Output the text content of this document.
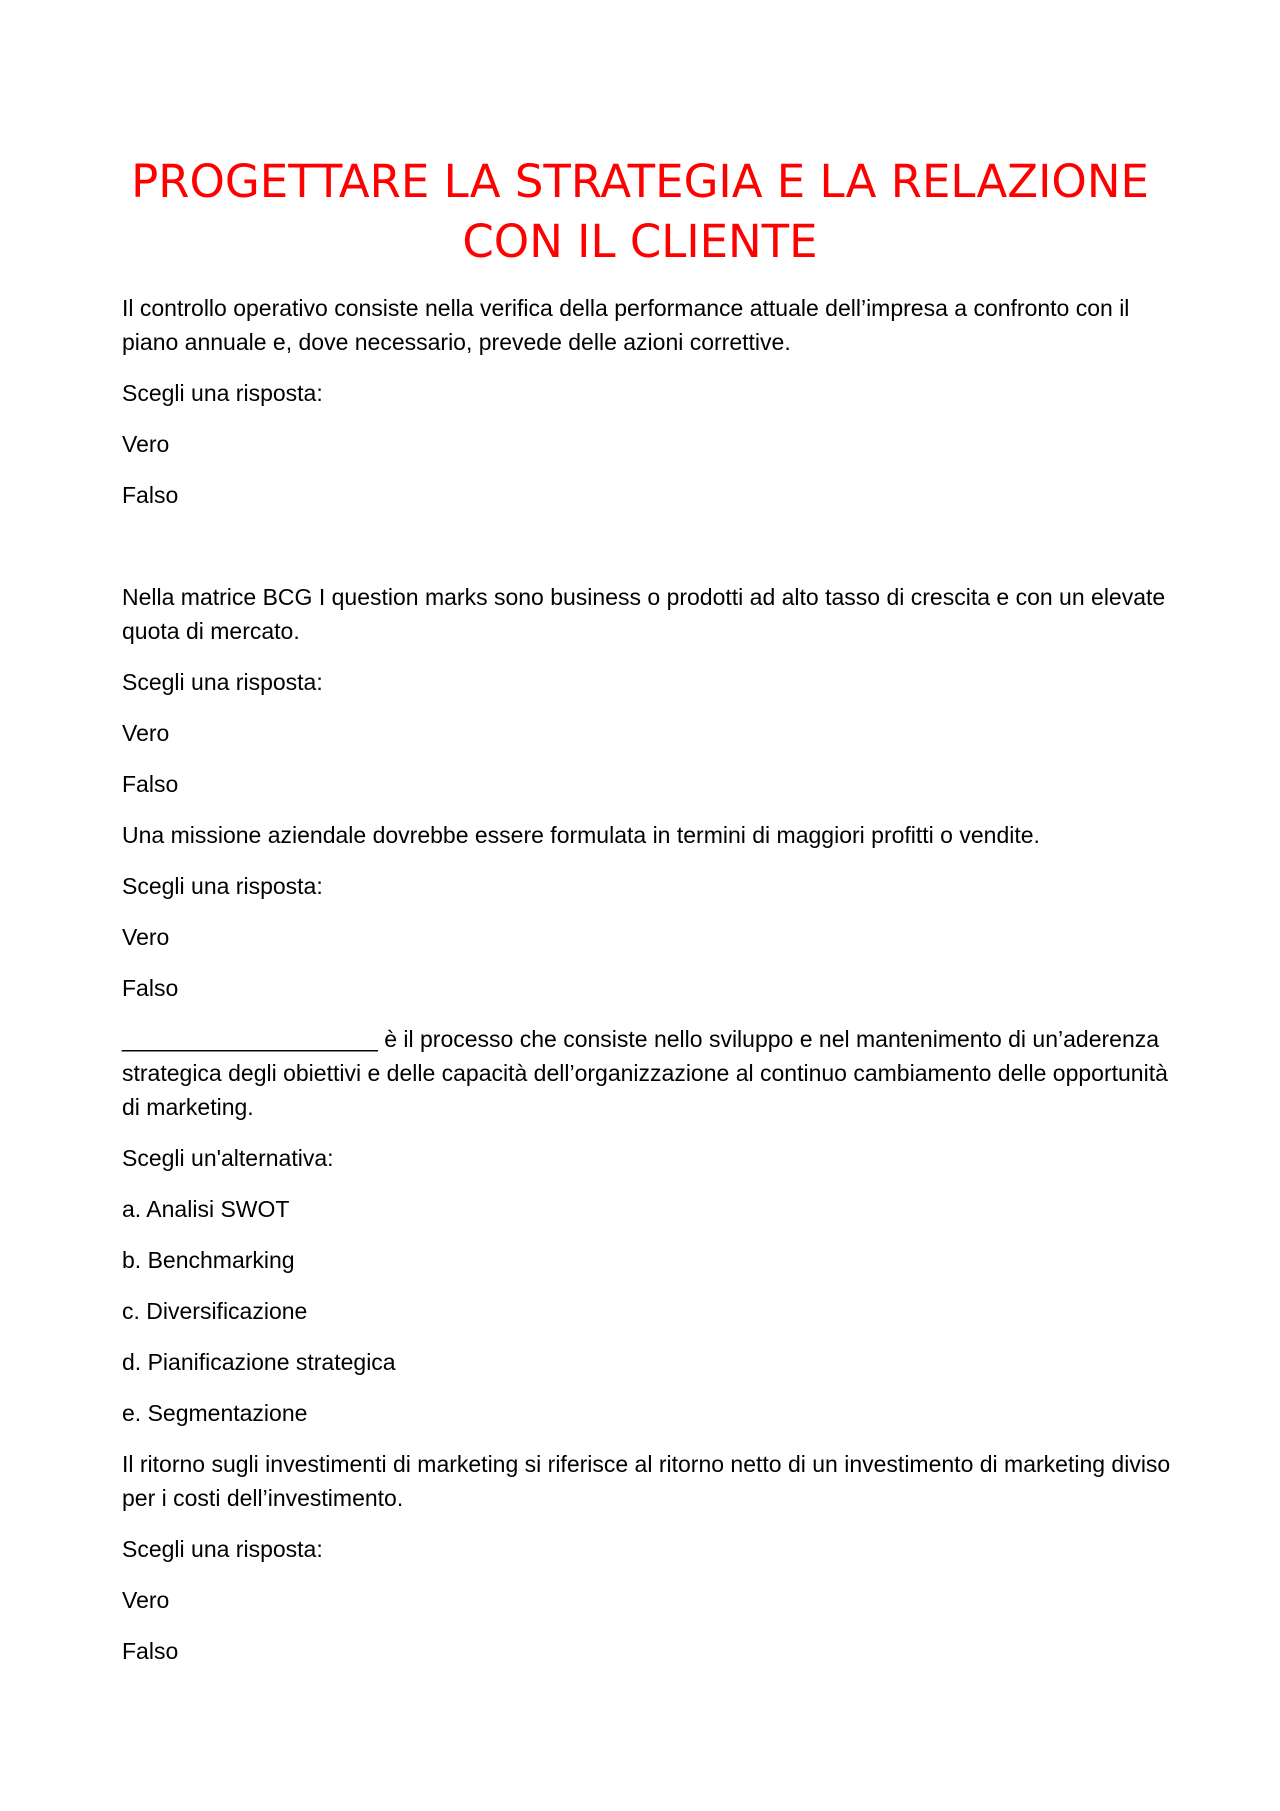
PROGETTARE LA STRATEGIA E LA RELAZIONE CON IL CLIENTE

Il controllo operativo consiste nella verifica della performance attuale dell’impresa a confronto con il piano annuale e, dove necessario, prevede delle azioni correttive.

Scegli una risposta:

Vero

Falso

Nella matrice BCG I question marks sono business o prodotti ad alto tasso di crescita e con un elevate quota di mercato.

Scegli una risposta:

Vero

Falso

Una missione aziendale dovrebbe essere formulata in termini di maggiori profitti o vendite.

Scegli una risposta:

Vero

Falso

____________________ è il processo che consiste nello sviluppo e nel mantenimento di un’aderenza strategica degli obiettivi e delle capacità dell’organizzazione al continuo cambiamento delle opportunità di marketing.

Scegli un'alternativa:

a. Analisi SWOT

b. Benchmarking

c. Diversificazione

d. Pianificazione strategica

e. Segmentazione

Il ritorno sugli investimenti di marketing si riferisce al ritorno netto di un investimento di marketing diviso per i costi dell’investimento.

Scegli una risposta:

Vero

Falso
